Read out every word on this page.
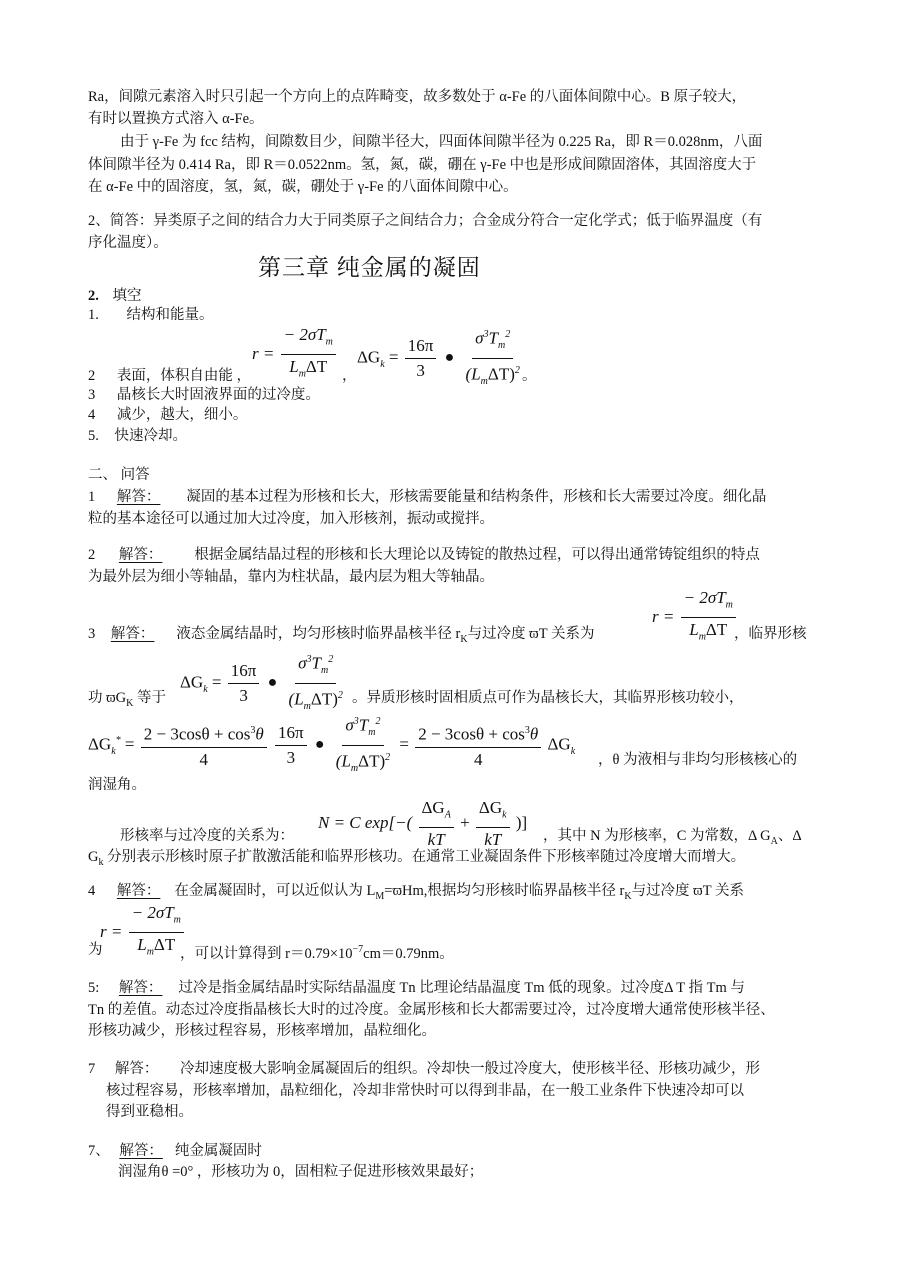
Ra，间隙元素溶入时只引起一个方向上的点阵畸变，故多数处于 α-Fe 的八面体间隙中心。B 原子较大，
有时以置换方式溶入 α-Fe。
由于 γ-Fe 为 fcc 结构，间隙数目少，间隙半径大，四面体间隙半径为 0.225 Ra，即 R＝0.028nm，八面
体间隙半径为 0.414 Ra，即 R＝0.0522nm。氢，氮，碳，硼在 γ-Fe 中也是形成间隙固溶体，其固溶度大于
在 α-Fe 中的固溶度，氢，氮，碳，硼处于 γ-Fe 的八面体间隙中心。
2、简答：异类原子之间的结合力大于同类原子之间结合力；合金成分符合一定化学式；低于临界温度（有
序化温度）。
第三章 纯金属的凝固
2. 填空
1. 结构和能量。
$r = \frac{- 2\sigma T_m}{L_m\Delta T} \Delta G_k = \frac{16\pi}{3}$ ● $\frac{\sigma^3T_m^2}{(L_m\Delta T)^2}$
2 表面，体积自由能 ，	，	。
3 晶核长大时固液界面的过冷度。
4 减少，越大，细小。
5. 快速冷却。
二、 问答
1 解答： 凝固的基本过程为形核和长大，形核需要能量和结构条件，形核和长大需要过冷度。细化晶
粒的基本途径可以通过加大过冷度，加入形核剂，振动或搅拌。
2 解答： 根据金属结晶过程的形核和长大理论以及铸锭的散热过程，可以得出通常铸锭组织的特点
为最外层为细小等轴晶，靠内为柱状晶，最内层为粗大等轴晶。
$r = \frac{- 2\sigma T_m}{L_m\Delta T}$
3 解答： 液态金属结晶时，均匀形核时临界晶核半径 $r_K$与过冷度 ϖT 关系为	，临界形核
$\Delta G_k = \frac{16\pi}{3}$ ● $\frac{\sigma^3T_m^2}{(L_m\Delta T)^2}$
功 $ϖG_K$ 等于	。异质形核时固相质点可作为晶核长大，其临界形核功较小，
$\Delta G_k^* = \frac{2 - 3\cos\theta + \cos^3\theta}{4}$
$\frac{16\pi}{3}$ ● $\frac{\sigma^3T_m^2}{(L_m\Delta T)^2} = \frac{2 - 3\cos\theta + \cos^3\theta}{4} \Delta G_k$
，θ 为液相与非均匀形核核心的
润湿角。
N = C $\exp[-( \frac{\Delta G_A}{kT} + \frac{\Delta G_k}{kT}$ )]
形核率与过冷度的关系为：	，其中 N 为形核率，C 为常数，Δ $G_A$、Δ
$G_k$ 分别表示形核时原子扩散激活能和临界形核功。在通常工业凝固条件下形核率随过冷度增大而增大。
4 解答： 在金属凝固时，可以近似认为 $L_M=ϖHm$,根据均匀形核时临界晶核半径 $r_K$与过冷度 ϖT 关系
$r = \frac{- 2\sigma T_m}{L_m\Delta T}$
为	，可以计算得到 $r=0.79\times 10^{-7}cm=0.79nm$。
5: 解答： 过冷是指金属结晶时实际结晶温度 Tn 比理论结晶温度 Tm 低的现象。过冷度Δ T 指 Tm 与
Tn 的差值。动态过冷度指晶核长大时的过冷度。金属形核和长大都需要过冷，过冷度增大通常使形核半径、
形核功减少，形核过程容易，形核率增加，晶粒细化。
7 解答： 冷却速度极大影响金属凝固后的组织。冷却快一般过冷度大，使形核半径、形核功减少，形
核过程容易，形核率增加，晶粒细化，冷却非常快时可以得到非晶，在一般工业条件下快速冷却可以
得到亚稳相。
7、 解答： 纯金属凝固时
润湿角θ =0° ，形核功为 0，固相粒子促进形核效果最好；
